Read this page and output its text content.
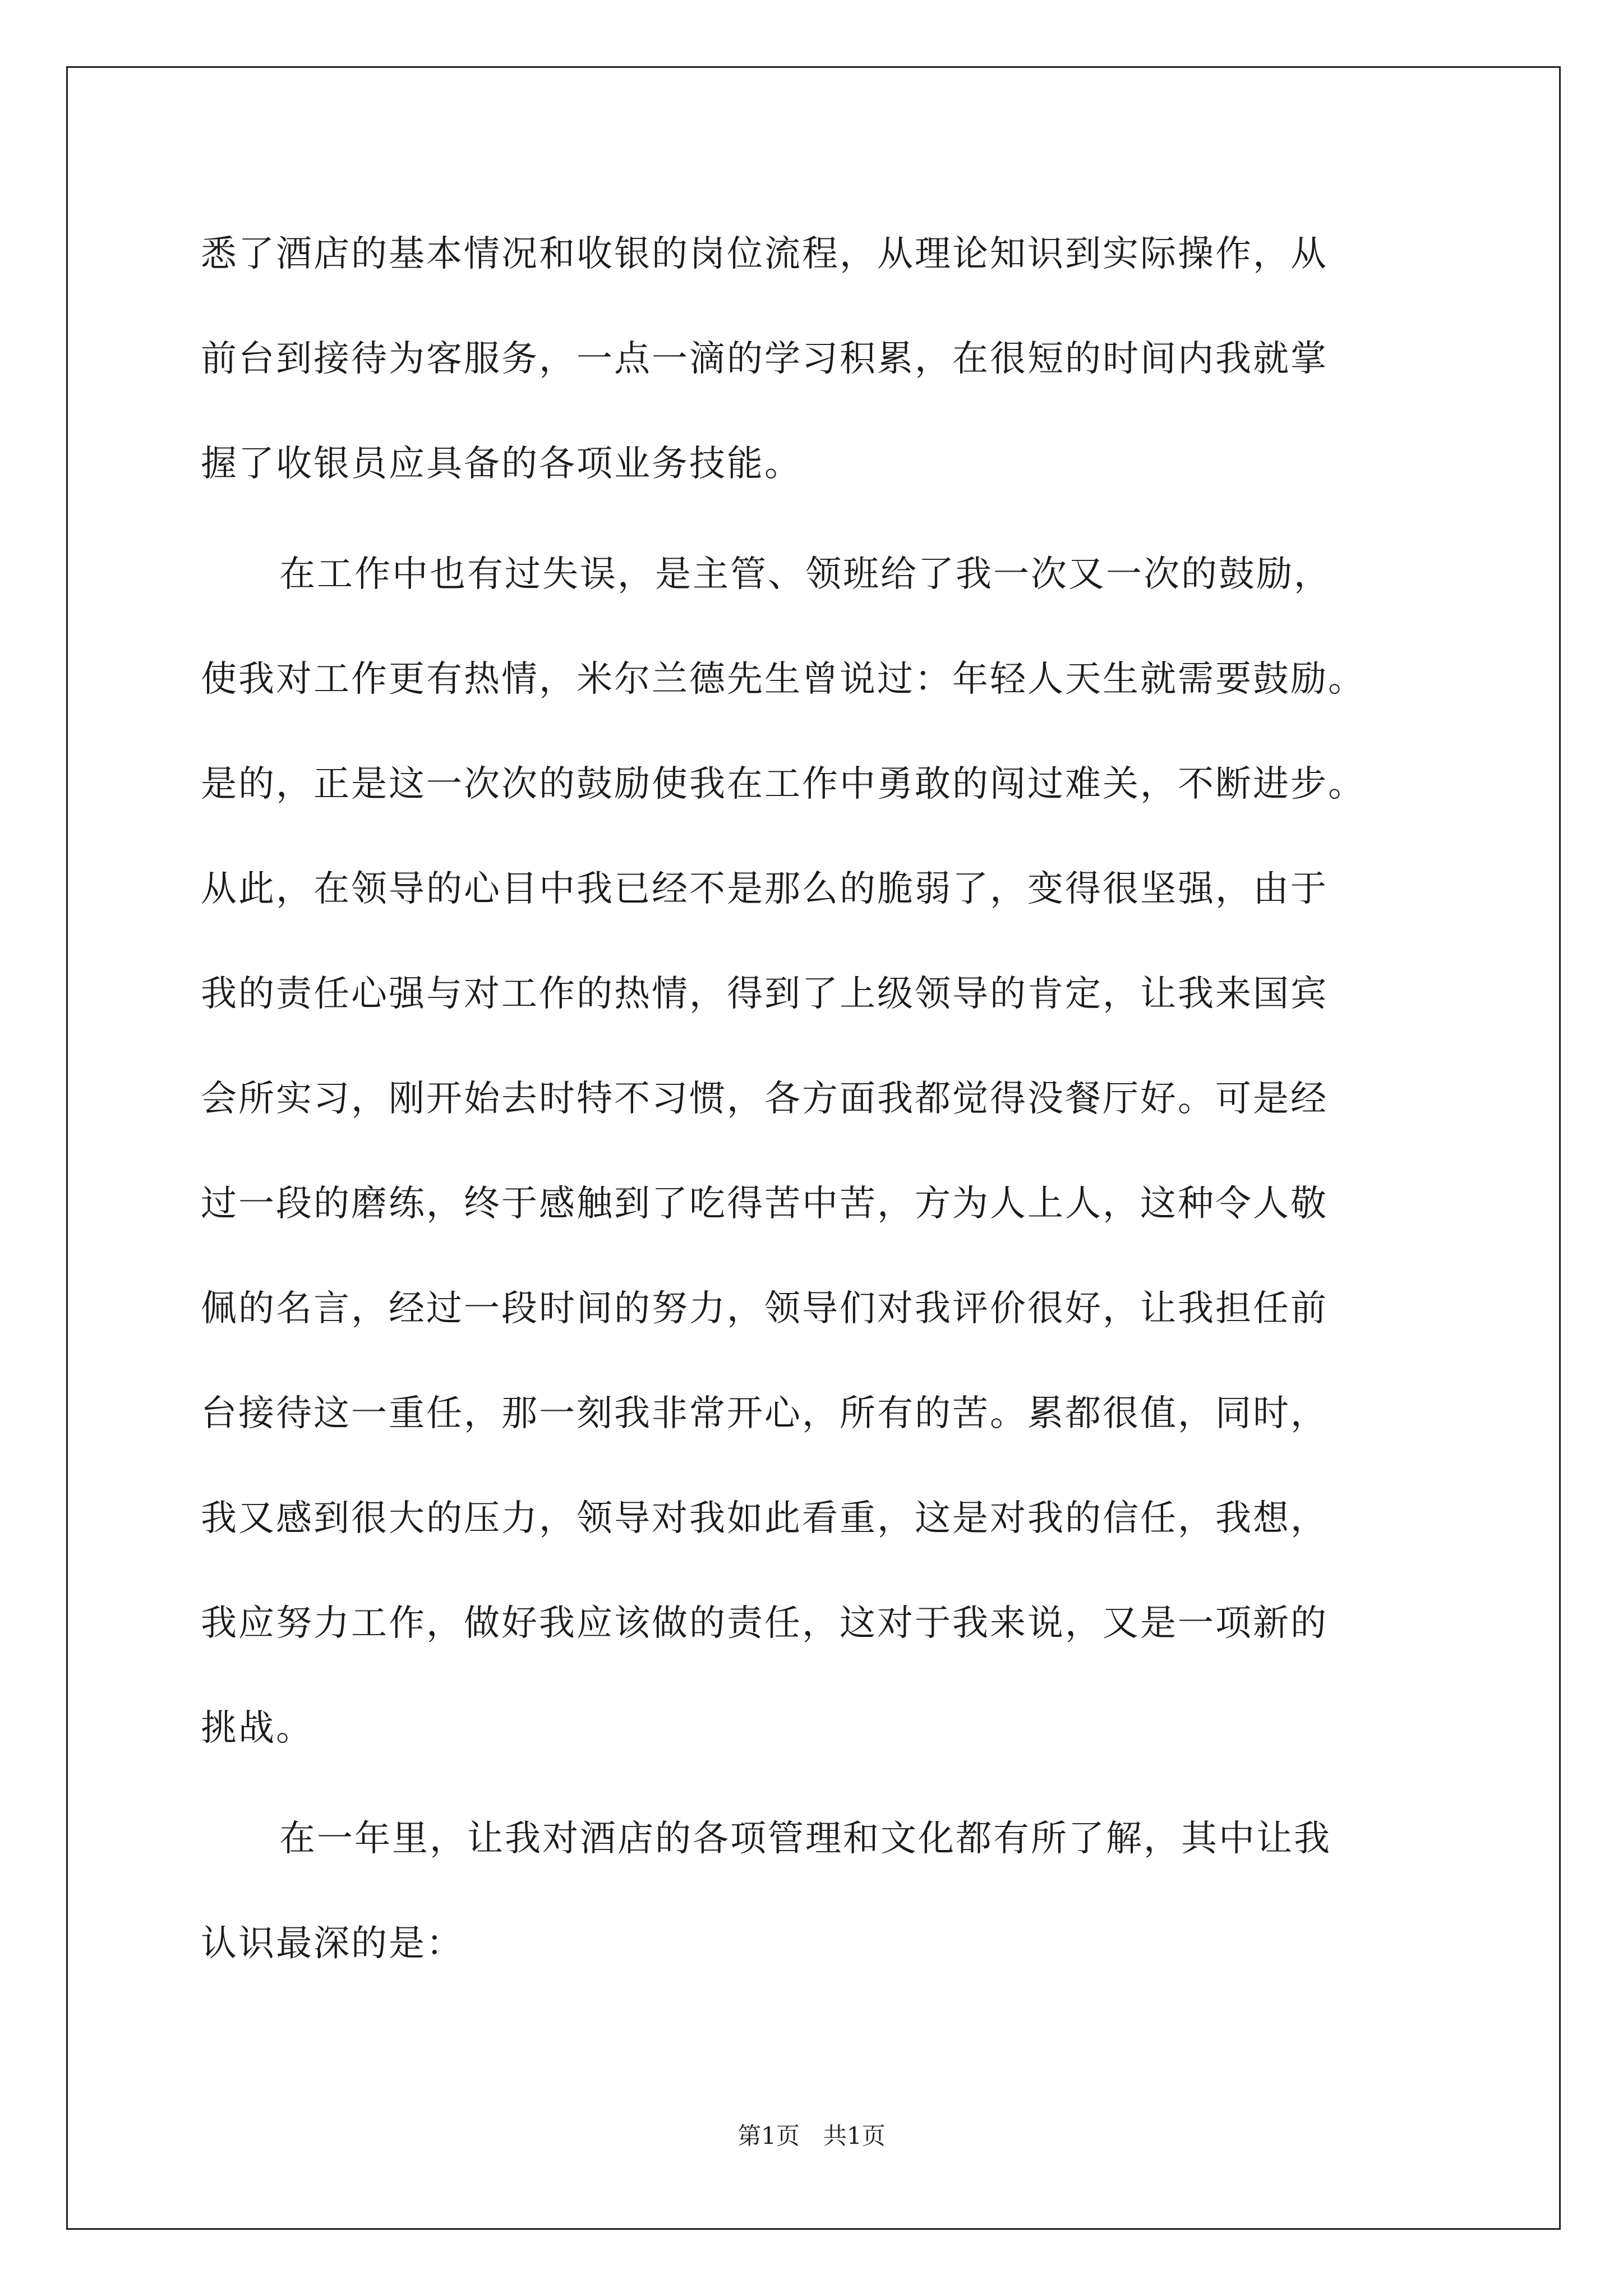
悉了酒店的基本情况和收银的岗位流程，从理论知识到实际操作，从
前台到接待为客服务，一点一滴的学习积累，在很短的时间内我就掌
握了收银员应具备的各项业务技能。
在工作中也有过失误，是主管、领班给了我一次又一次的鼓励，
使我对工作更有热情，米尔兰德先生曾说过：年轻人天生就需要鼓励。
是的，正是这一次次的鼓励使我在工作中勇敢的闯过难关，不断进步。
从此，在领导的心目中我已经不是那么的脆弱了，变得很坚强，由于
我的责任心强与对工作的热情，得到了上级领导的肯定，让我来国宾
会所实习，刚开始去时特不习惯，各方面我都觉得没餐厅好。可是经
过一段的磨练，终于感触到了吃得苦中苦，方为人上人，这种令人敬
佩的名言，经过一段时间的努力，领导们对我评价很好，让我担任前
台接待这一重任，那一刻我非常开心，所有的苦。累都很值，同时，
我又感到很大的压力，领导对我如此看重，这是对我的信任，我想，
我应努力工作，做好我应该做的责任，这对于我来说，又是一项新的
挑战。
在一年里，让我对酒店的各项管理和文化都有所了解，其中让我
认识最深的是：
第1页　共1页
